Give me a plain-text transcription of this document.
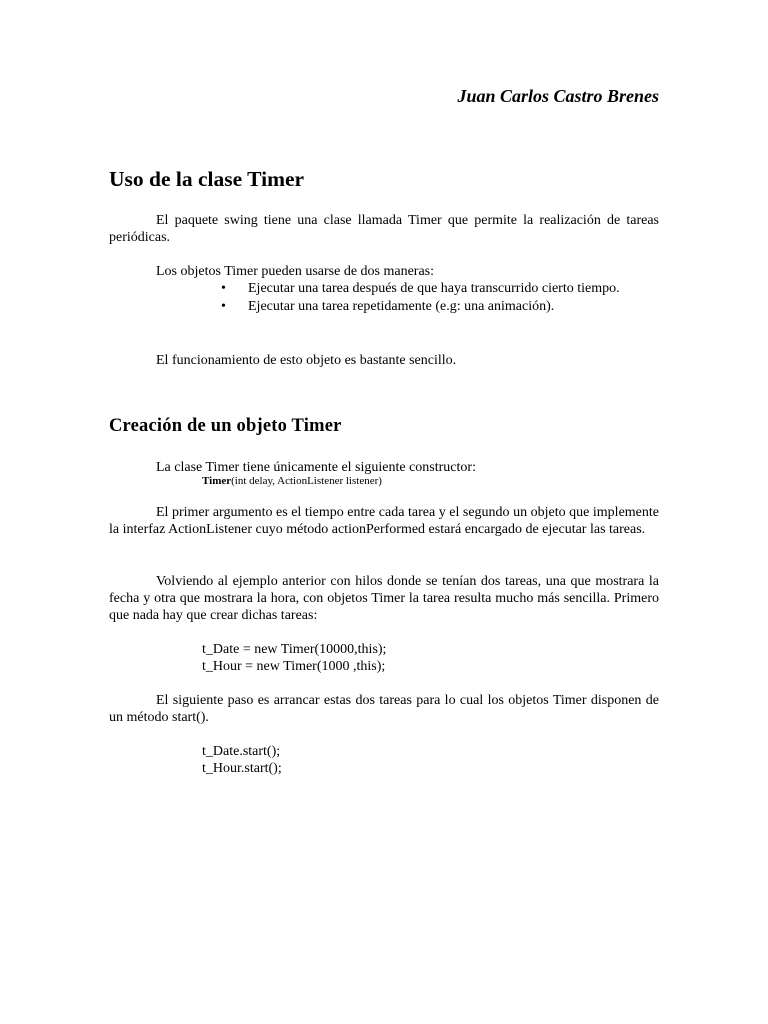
Juan Carlos Castro Brenes
Uso de la clase Timer

El paquete swing tiene una clase llamada Timer que permite la realización de tareas periódicas.

Los objetos Timer pueden usarse de dos maneras:

• Ejecutar una tarea después de que haya transcurrido cierto tiempo.
• Ejecutar una tarea repetidamente (e.g: una animación).

El funcionamiento de esto objeto es bastante sencillo.

Creación de un objeto Timer

La clase Timer tiene únicamente el siguiente constructor:

Timer(int delay, ActionListener listener)

El primer argumento es el tiempo entre cada tarea y el segundo un objeto que implemente la interfaz ActionListener cuyo método actionPerformed estará encargado de ejecutar las tareas.

Volviendo al ejemplo anterior con hilos donde se tenían dos tareas, una que mostrara la fecha y otra que mostrara la hora, con objetos Timer la tarea resulta mucho más sencilla. Primero que nada hay que crear dichas tareas:

t_Date = new Timer(10000,this);

t_Hour = new Timer(1000 ,this);

El siguiente paso es arrancar estas dos tareas para lo cual los objetos Timer disponen de un método start().

t_Date.start();

t_Hour.start();
